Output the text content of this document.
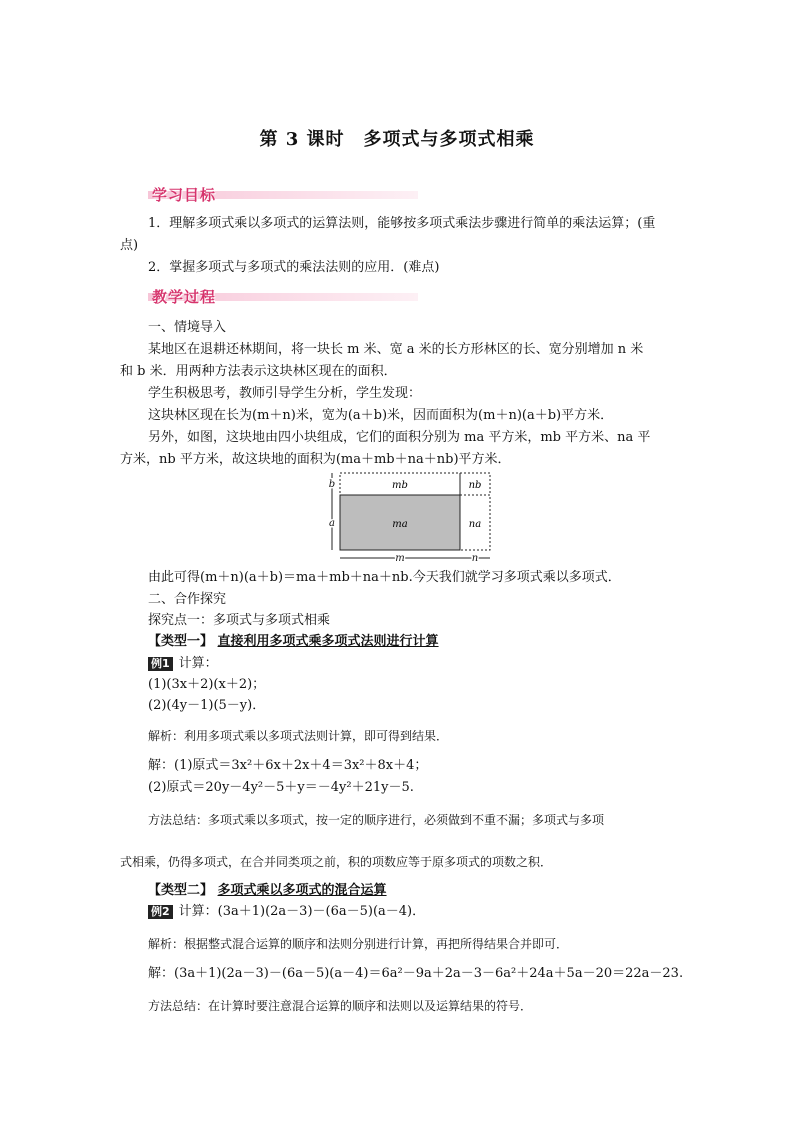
第 3 课时　多项式与多项式相乘
学习目标
1．理解多项式乘以多项式的运算法则，能够按多项式乘法步骤进行简单的乘法运算；(重
点)
2．掌握多项式与多项式的乘法法则的应用．(难点)
教学过程
一、情境导入
某地区在退耕还林期间，将一块长 m 米、宽 a 米的长方形林区的长、宽分别增加 n 米
和 b 米．用两种方法表示这块林区现在的面积．
学生积极思考，教师引导学生分析，学生发现：
这块林区现在长为(m＋n)米，宽为(a＋b)米，因而面积为(m＋n)(a＋b)平方米．
另外，如图，这块地由四小块组成，它们的面积分别为 ma 平方米，mb 平方米、na 平
方米，nb 平方米，故这块地的面积为(ma＋mb＋na＋nb)平方米．
mb	nb
ma	na
b
a
m	n
由此可得(m＋n)(a＋b)＝ma＋mb＋na＋nb.今天我们就学习多项式乘以多项式．
二、合作探究
探究点一：多项式与多项式相乘
【类型一】 直接利用多项式乘多项式法则进行计算
例1 计算：
(1)(3x＋2)(x＋2)；
(2)(4y－1)(5－y)．
解析：利用多项式乘以多项式法则计算，即可得到结果．
解：(1)原式＝3x²＋6x＋2x＋4＝3x²＋8x＋4；
(2)原式＝20y－4y²－5＋y＝－4y²＋21y－5.
方法总结：多项式乘以多项式，按一定的顺序进行，必须做到不重不漏；多项式与多项
式相乘，仍得多项式，在合并同类项之前，积的项数应等于原多项式的项数之积．
【类型二】 多项式乘以多项式的混合运算
例2 计算：(3a＋1)(2a－3)－(6a－5)(a－4)．
解析：根据整式混合运算的顺序和法则分别进行计算，再把所得结果合并即可．
解：(3a＋1)(2a－3)－(6a－5)(a－4)＝6a²－9a＋2a－3－6a²＋24a＋5a－20＝22a－23.
方法总结：在计算时要注意混合运算的顺序和法则以及运算结果的符号．
